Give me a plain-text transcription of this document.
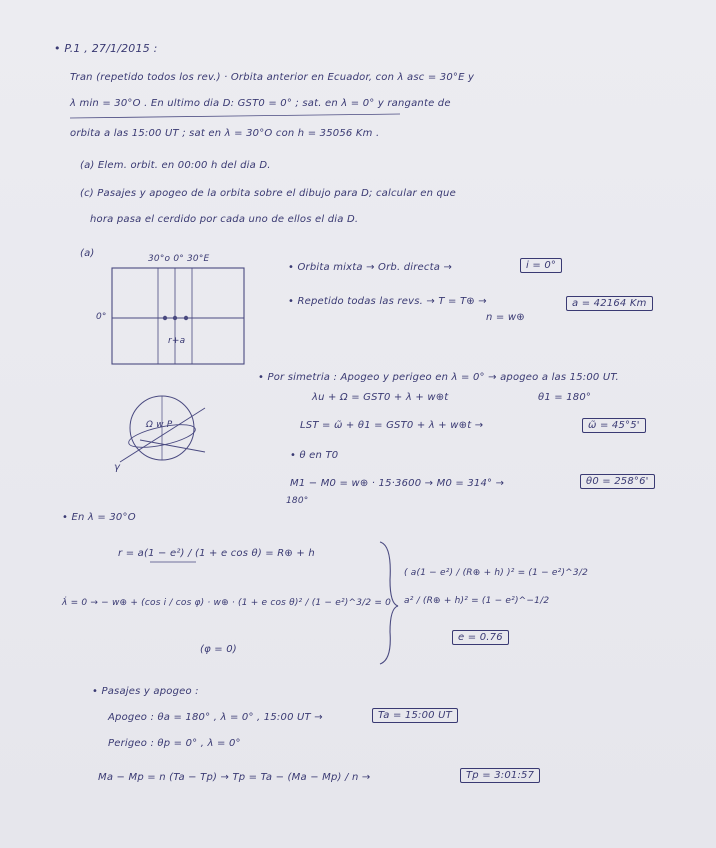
• P.1 , 27/1/2015 :
Tran (repetido todos los rev.) · Orbita anterior en Ecuador, con λ asc = 30°E y
λ min = 30°O . En ultimo dia D: GST0 = 0° ; sat. en λ = 0° y rangante de
orbita a las 15:00 UT ; sat en λ = 30°O con h = 35056 Km .
(a) Elem. orbit. en 00:00 h del dia D.
(c) Pasajes y apogeo de la orbita sobre el dibujo para D; calcular en que
hora pasa el cerdido por cada uno de ellos el dia D.
(a)	30°o 0° 30°E
0°
r+a
• Orbita mixta → Orb. directa →	i = 0°
• Repetido todas las revs. → T = T⊕ →
n = w⊕
a = 42164 Km
• Por simetria : Apogeo y perigeo en λ = 0° → apogeo a las 15:00 UT.
θ1 = 180°
λu + Ω = GST0 + λ + w⊕t
LST = ω̃ + θ1 = GST0 + λ + w⊕t →	ω̃ = 45°5'
• θ en T0
M1 − M0 = w⊕ · 15·3600 → M0 = 314° →
180°
θ0 = 258°6'
Ω w P
γ
• En λ = 30°O
r = a(1 − e²) / (1 + e cos θ) = R⊕ + h
λ̇ = 0 → − w⊕ + (cos i / cos φ) · w⊕ · (1 + e cos θ)² / (1 − e²)^3/2 = 0
(φ = 0)
( a(1 − e²) / (R⊕ + h) )² = (1 − e²)^3/2
a² / (R⊕ + h)² = (1 − e²)^−1/2
e = 0.76
• Pasajes y apogeo :
Apogeo : θa = 180° , λ = 0° , 15:00 UT →	Ta = 15:00 UT
Perigeo : θp = 0° , λ = 0°
Ma − Mp = n (Ta − Tp) → Tp = Ta − (Ma − Mp) / n →	Tp = 3:01:57
